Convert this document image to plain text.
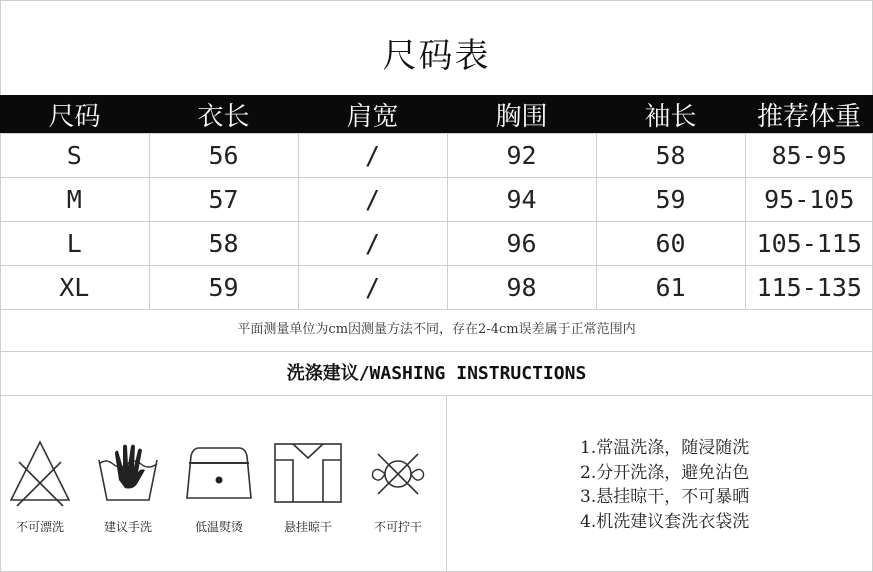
尺码表
尺码	衣长	肩宽	胸围	袖长	推荐体重
S	56	/	92	58	85-95
M	57	/	94	59	95-105
L	58	/	96	60	105-115
XL	59	/	98	61	115-135
平面测量单位为cm因测量方法不同，存在2-4cm误差属于正常范围内
洗涤建议/WASHING INSTRUCTIONS
不可漂洗	建议手洗	低温熨烫	悬挂晾干	不可拧干
1.常温洗涤，随浸随洗
2.分开洗涤，避免沾色
3.悬挂晾干，不可暴晒
4.机洗建议套洗衣袋洗
